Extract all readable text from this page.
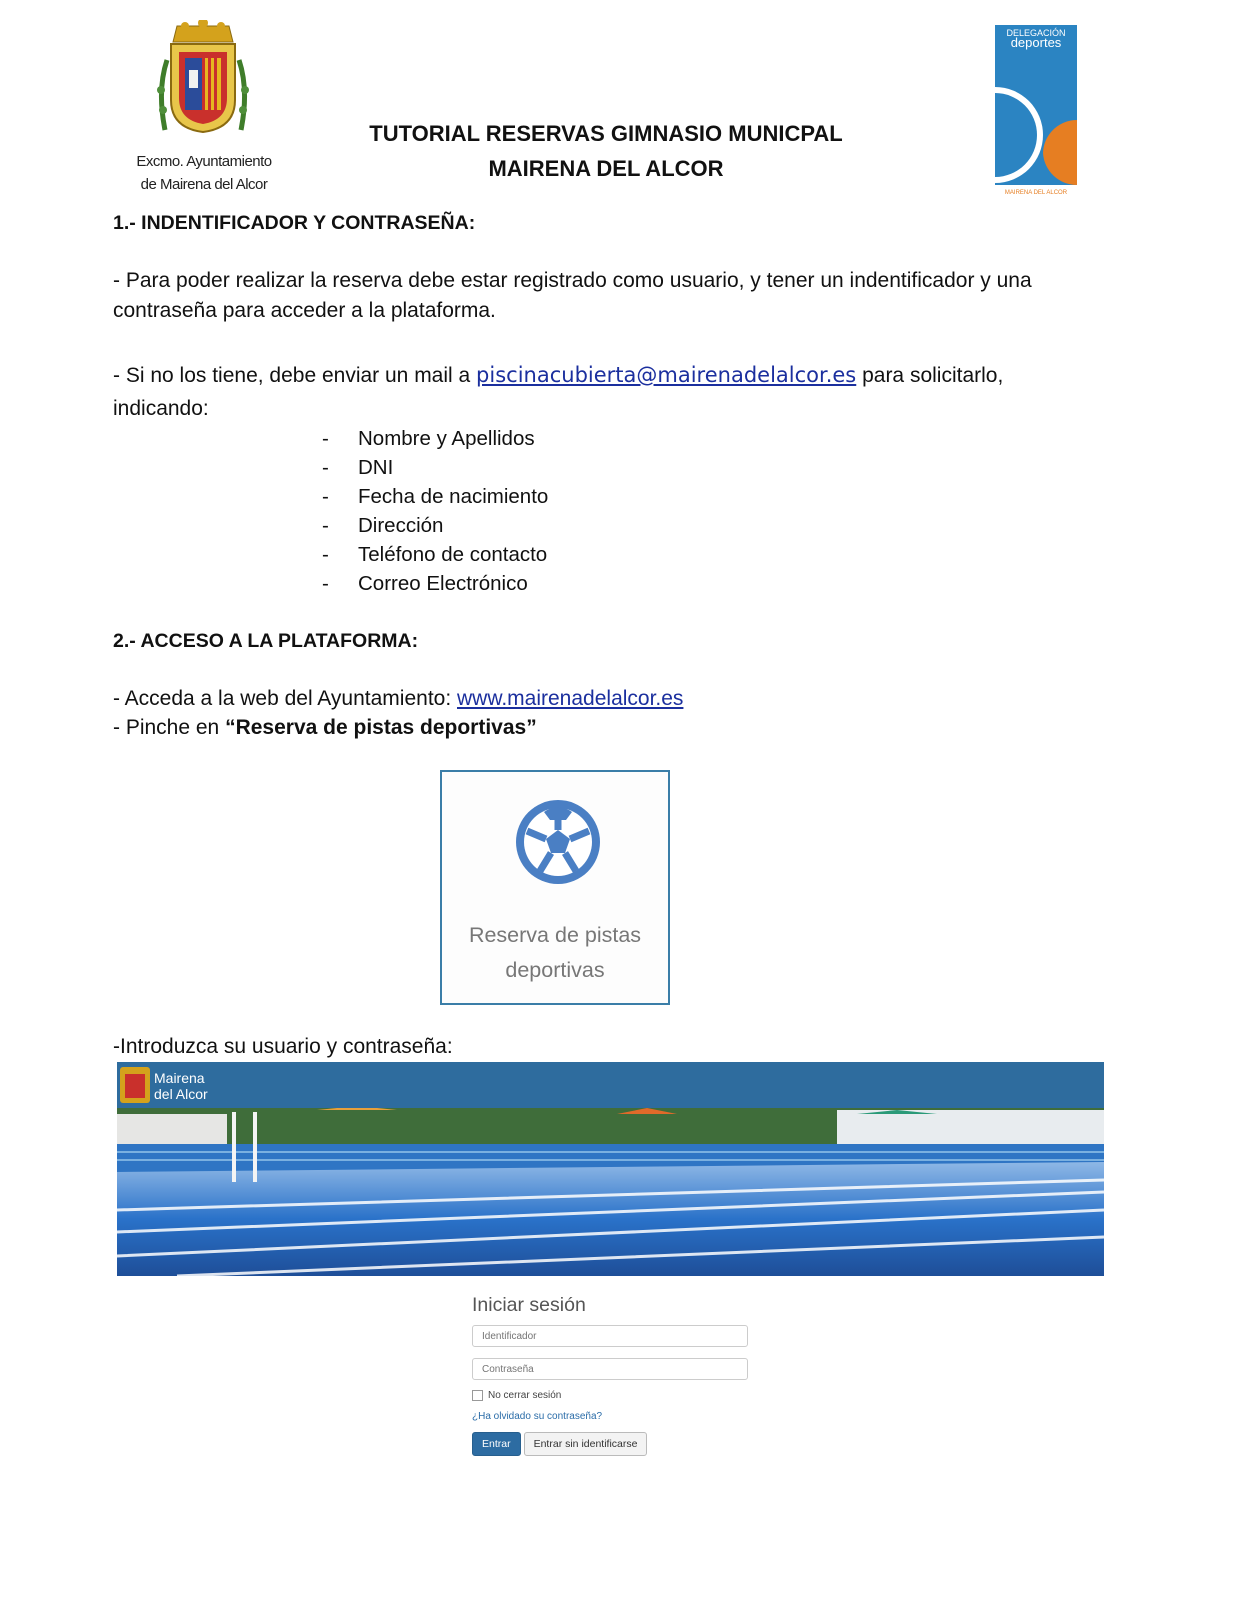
Excmo. Ayuntamiento
de Mairena del Alcor
TUTORIAL RESERVAS GIMNASIO MUNICPAL
MAIRENA DEL ALCOR
DELEGACIÓN
deportes
MAIRENA DEL ALCOR
1.- INDENTIFICADOR Y CONTRASEÑA:
- Para poder realizar la reserva debe estar registrado como usuario, y tener un indentificador y una contraseña para acceder a la plataforma.
- Si no los tiene, debe enviar un mail a piscinacubierta@mairenadelalcor.es para solicitarlo,
indicando:
-	Nombre y Apellidos
-	DNI
-	Fecha de nacimiento
-	Dirección
-	Teléfono de contacto
-	Correo Electrónico
2.- ACCESO A LA PLATAFORMA:
- Acceda a la web del Ayuntamiento: www.mairenadelalcor.es
- Pinche en “Reserva de pistas deportivas”
Reserva de pistas
deportivas
-Introduzca su usuario y contraseña:
Mairena
del Alcor
Iniciar sesión
Identificador
No cerrar sesión
¿Ha olvidado su contraseña?
Entrar Entrar sin identificarse
